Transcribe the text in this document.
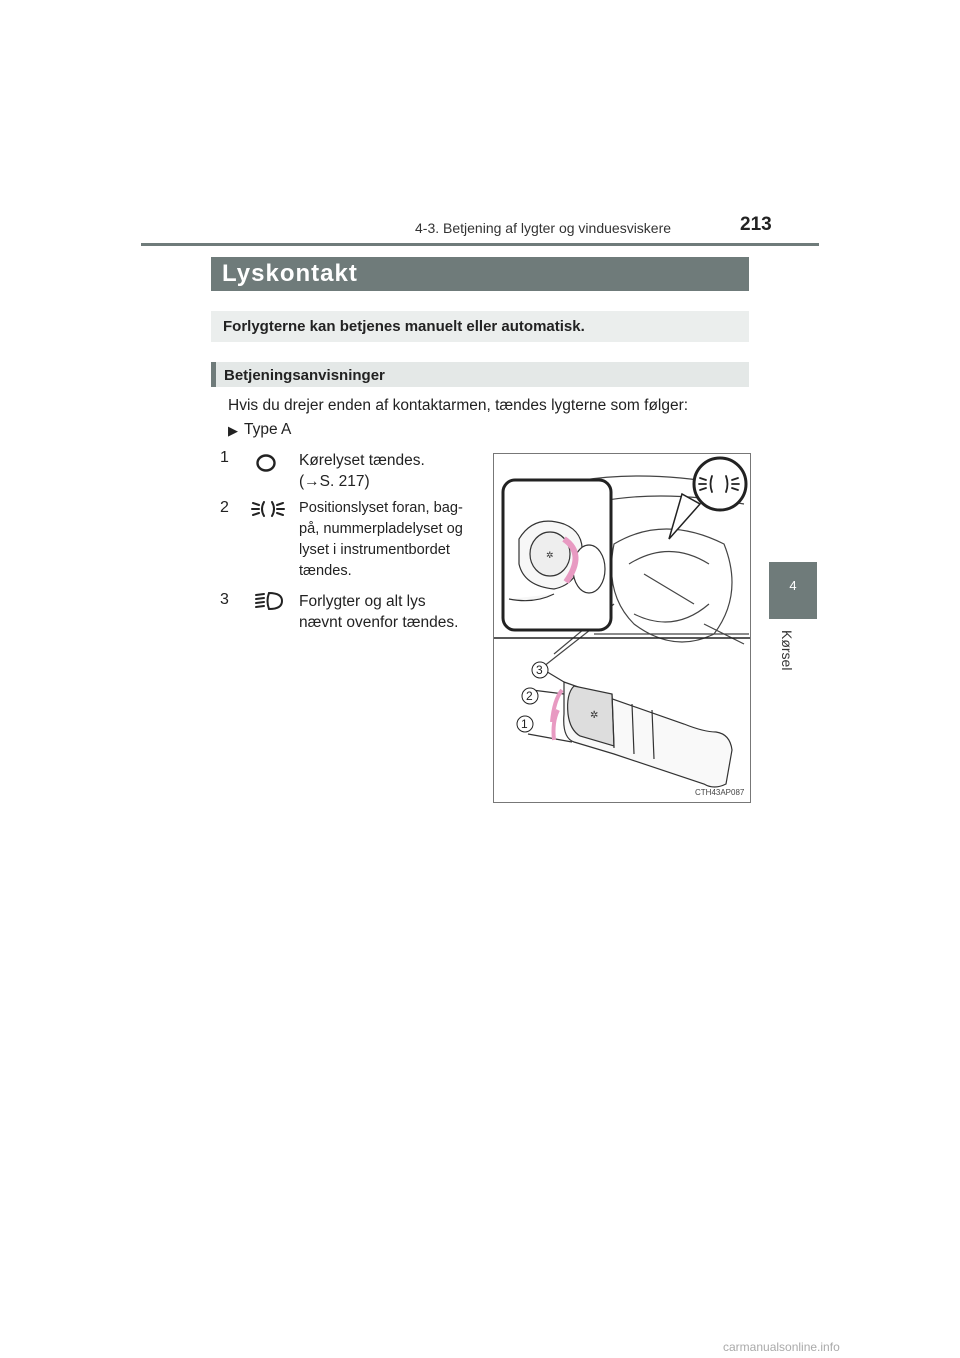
4-3. Betjening af lygter og vinduesviskere	213
4
Kørsel
Lyskontakt
Forlygterne kan betjenes manuelt eller automatisk.
Betjeningsanvisninger
Hvis du drejer enden af kontaktarmen, tændes lygterne som følger:
▶ Type A
1	Kørelyset tændes.
(→S. 217)
2	Positionslyset foran, bag-
på, nummerpladelyset og
lyset i instrumentbordet
tændes.
3	Forlygter og alt lys
nævnt ovenfor tændes.
✲
✲
3
2
1
CTH43AP087
carmanualsonline.info
